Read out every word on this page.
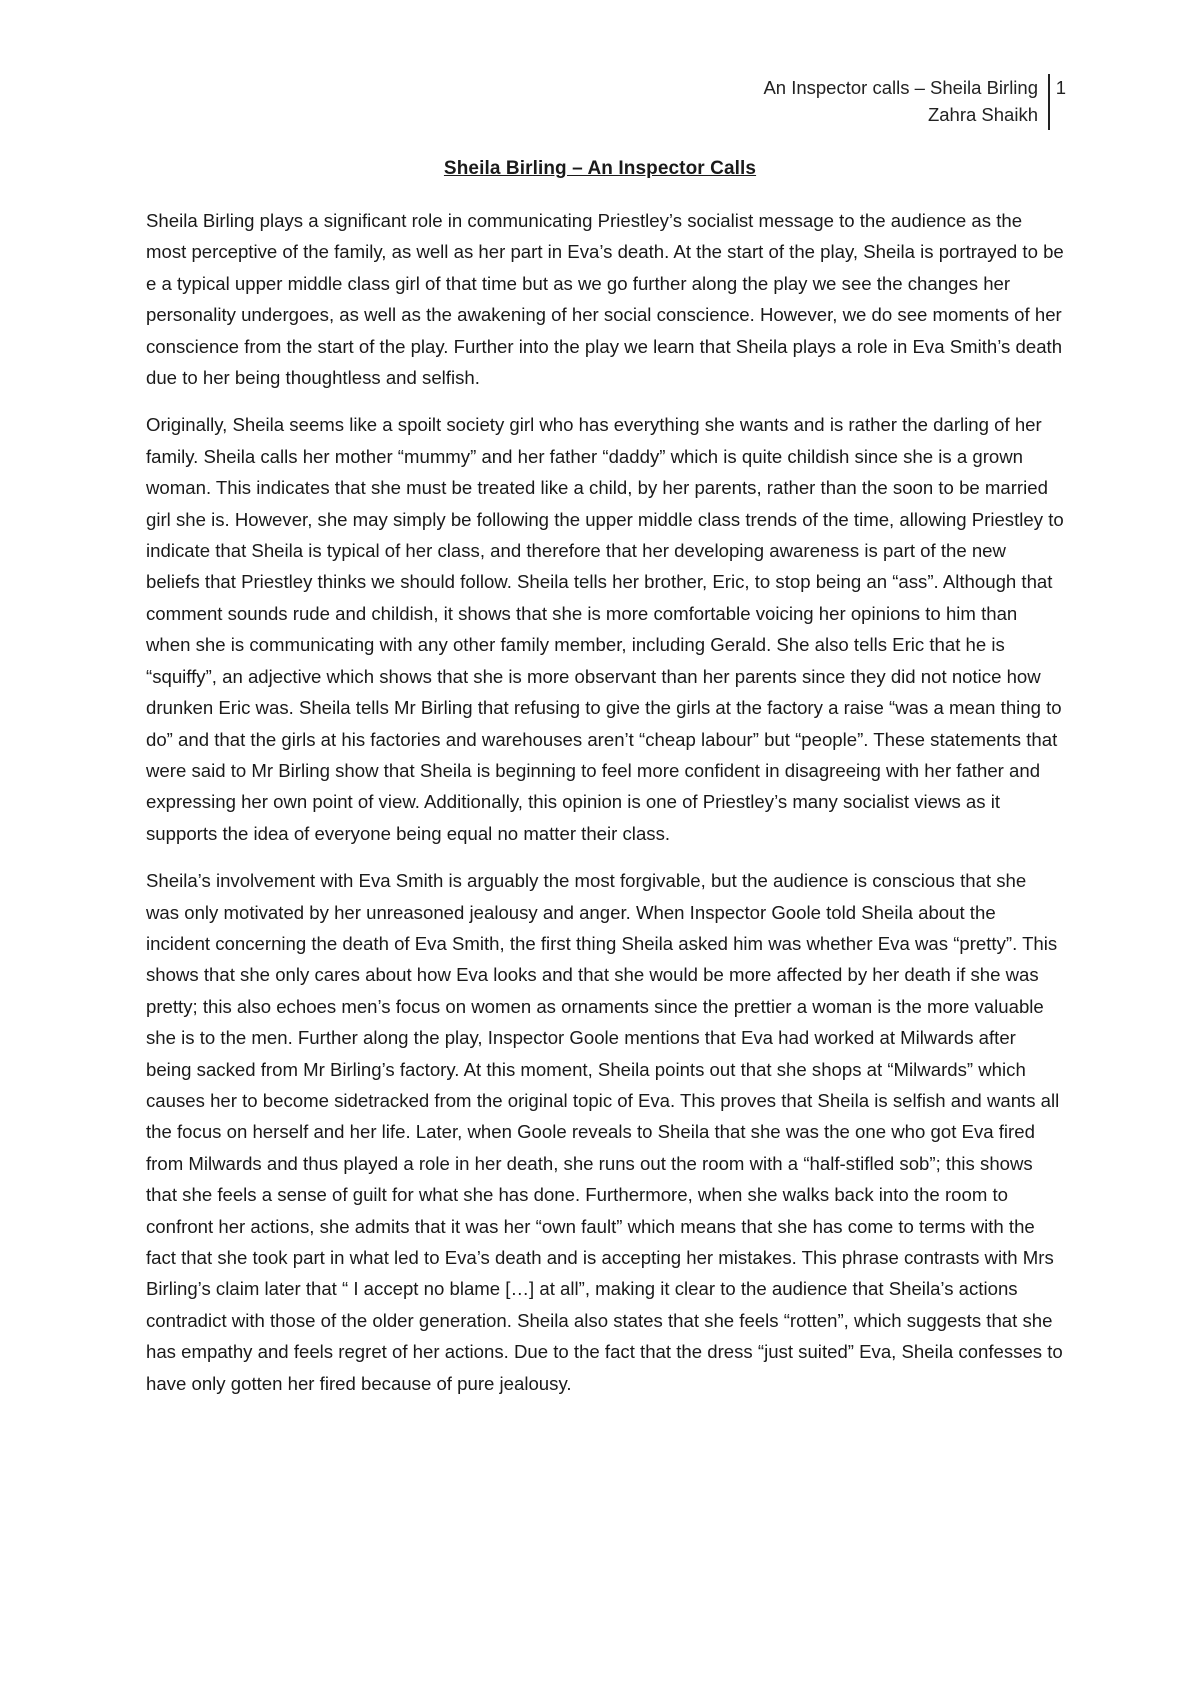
An Inspector calls – Sheila Birling
Zahra Shaikh
1
Sheila Birling – An Inspector Calls

Sheila Birling plays a significant role in communicating Priestley’s socialist message to the audience as the most perceptive of the family, as well as her part in Eva’s death. At the start of the play, Sheila is portrayed to be e a typical upper middle class girl of that time but as we go further along the play we see the changes her personality undergoes, as well as the awakening of her social conscience. However, we do see moments of her conscience from the start of the play. Further into the play we learn that Sheila plays a role in Eva Smith’s death due to her being thoughtless and selfish.

Originally, Sheila seems like a spoilt society girl who has everything she wants and is rather the darling of her family. Sheila calls her mother “mummy” and her father “daddy” which is quite childish since she is a grown woman. This indicates that she must be treated like a child, by her parents, rather than the soon to be married girl she is. However, she may simply be following the upper middle class trends of the time, allowing Priestley to indicate that Sheila is typical of her class, and therefore that her developing awareness is part of the new beliefs that Priestley thinks we should follow. Sheila tells her brother, Eric, to stop being an “ass”. Although that comment sounds rude and childish, it shows that she is more comfortable voicing her opinions to him than when she is communicating with any other family member, including Gerald. She also tells Eric that he is “squiffy”, an adjective which shows that she is more observant than her parents since they did not notice how drunken Eric was. Sheila tells Mr Birling that refusing to give the girls at the factory a raise “was a mean thing to do” and that the girls at his factories and warehouses aren’t “cheap labour” but “people”. These statements that were said to Mr Birling show that Sheila is beginning to feel more confident in disagreeing with her father and expressing her own point of view. Additionally, this opinion is one of Priestley’s many socialist views as it supports the idea of everyone being equal no matter their class.

Sheila’s involvement with Eva Smith is arguably the most forgivable, but the audience is conscious that she was only motivated by her unreasoned jealousy and anger. When Inspector Goole told Sheila about the incident concerning the death of Eva Smith, the first thing Sheila asked him was whether Eva was “pretty”. This shows that she only cares about how Eva looks and that she would be more affected by her death if she was pretty; this also echoes men’s focus on women as ornaments since the prettier a woman is the more valuable she is to the men. Further along the play, Inspector Goole mentions that Eva had worked at Milwards after being sacked from Mr Birling’s factory. At this moment, Sheila points out that she shops at “Milwards” which causes her to become sidetracked from the original topic of Eva. This proves that Sheila is selfish and wants all the focus on herself and her life. Later, when Goole reveals to Sheila that she was the one who got Eva fired from Milwards and thus played a role in her death, she runs out the room with a “half-stifled sob”; this shows that she feels a sense of guilt for what she has done. Furthermore, when she walks back into the room to confront her actions, she admits that it was her “own fault” which means that she has come to terms with the fact that she took part in what led to Eva’s death and is accepting her mistakes. This phrase contrasts with Mrs Birling’s claim later that “ I accept no blame […] at all”, making it clear to the audience that Sheila’s actions contradict with those of the older generation. Sheila also states that she feels “rotten”, which suggests that she has empathy and feels regret of her actions. Due to the fact that the dress “just suited” Eva, Sheila confesses to have only gotten her fired because of pure jealousy.
